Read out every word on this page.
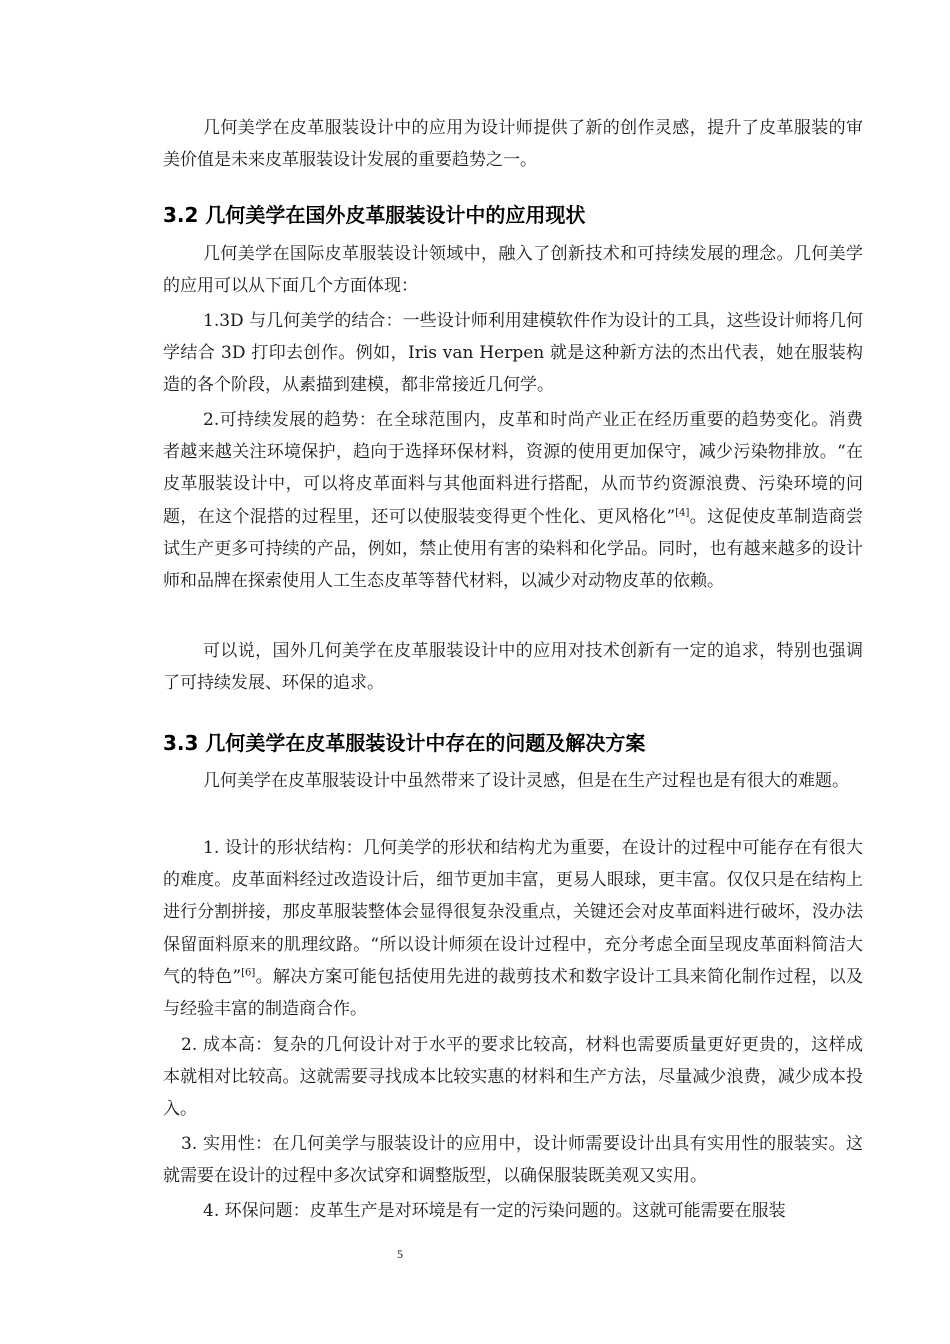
几何美学在皮革服装设计中的应用为设计师提供了新的创作灵感，提升了皮革服装的审美价值是未来皮革服装设计发展的重要趋势之一。

3.2 几何美学在国外皮革服装设计中的应用现状

几何美学在国际皮革服装设计领域中，融入了创新技术和可持续发展的理念。几何美学的应用可以从下面几个方面体现：

1.3D 与几何美学的结合：一些设计师利用建模软件作为设计的工具，这些设计师将几何学结合 3D 打印去创作。例如，Iris van Herpen 就是这种新方法的杰出代表，她在服装构造的各个阶段，从素描到建模，都非常接近几何学。

2.可持续发展的趋势：在全球范围内，皮革和时尚产业正在经历重要的趋势变化。消费者越来越关注环境保护，趋向于选择环保材料，资源的使用更加保守，减少污染物排放。“在皮革服装设计中，可以将皮革面料与其他面料进行搭配，从而节约资源浪费、污染环境的问题，在这个混搭的过程里，还可以使服装变得更个性化、更风格化”[4]。这促使皮革制造商尝试生产更多可持续的产品，例如，禁止使用有害的染料和化学品。同时，也有越来越多的设计师和品牌在探索使用人工生态皮革等替代材料，以减少对动物皮革的依赖。

可以说，国外几何美学在皮革服装设计中的应用对技术创新有一定的追求，特别也强调了可持续发展、环保的追求。

3.3 几何美学在皮革服装设计中存在的问题及解决方案

几何美学在皮革服装设计中虽然带来了设计灵感，但是在生产过程也是有很大的难题。

1. 设计的形状结构：几何美学的形状和结构尤为重要，在设计的过程中可能存在有很大的难度。皮革面料经过改造设计后，细节更加丰富，更易人眼球，更丰富。仅仅只是在结构上进行分割拼接，那皮革服装整体会显得很复杂没重点，关键还会对皮革面料进行破坏，没办法保留面料原来的肌理纹路。“所以设计师须在设计过程中，充分考虑全面呈现皮革面料简洁大气的特色”[6]。解决方案可能包括使用先进的裁剪技术和数字设计工具来简化制作过程，以及与经验丰富的制造商合作。

2. 成本高：复杂的几何设计对于水平的要求比较高，材料也需要质量更好更贵的，这样成本就相对比较高。这就需要寻找成本比较实惠的材料和生产方法，尽量减少浪费，减少成本投入。

3. 实用性：在几何美学与服装设计的应用中，设计师需要设计出具有实用性的服装实。这就需要在设计的过程中多次试穿和调整版型，以确保服装既美观又实用。

4. 环保问题：皮革生产是对环境是有一定的污染问题的。这就可能需要在服装

5
